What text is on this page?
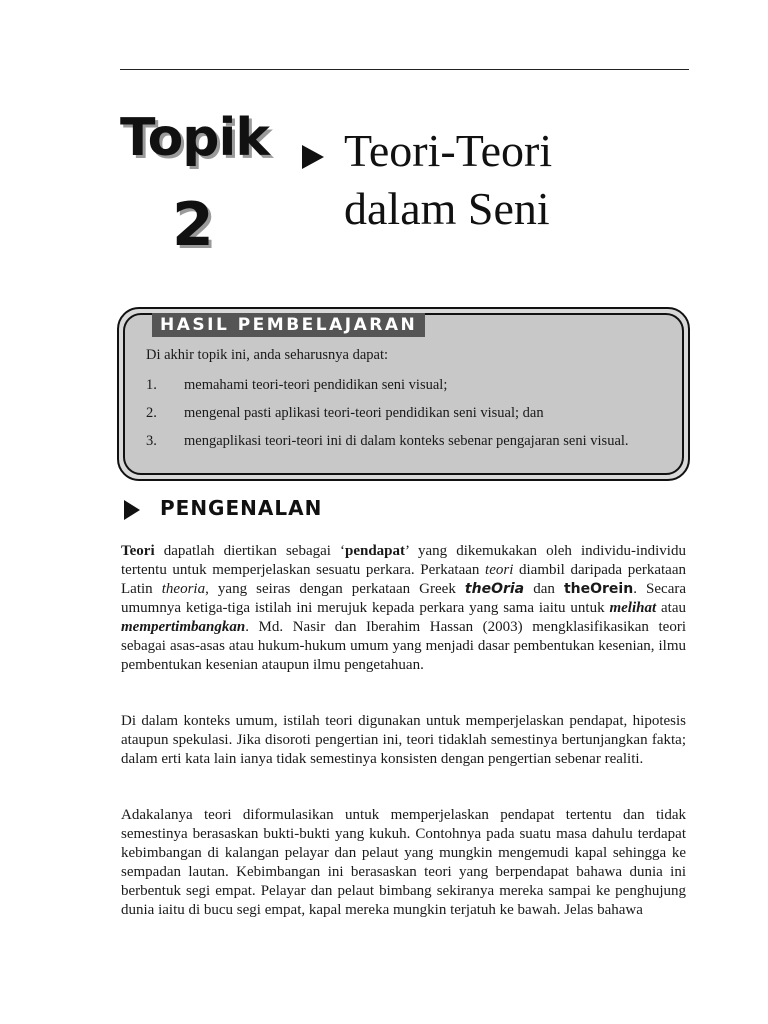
Topik
2
Teori-Teori
dalam Seni
HASIL PEMBELAJARAN
Di akhir topik ini, anda seharusnya dapat:
1.	memahami teori-teori pendidikan seni visual;
2.	mengenal pasti aplikasi teori-teori pendidikan seni visual; dan
3.	mengaplikasi teori-teori ini di dalam konteks sebenar pengajaran seni visual.
PENGENALAN
Teori dapatlah diertikan sebagai ‘pendapat’ yang dikemukakan oleh individu-individu tertentu untuk memperjelaskan sesuatu perkara. Perkataan teori diambil daripada perkataan Latin theoria, yang seiras dengan perkataan Greek theOria dan theOrein. Secara umumnya ketiga-tiga istilah ini merujuk kepada perkara yang sama iaitu untuk melihat atau mempertimbangkan. Md. Nasir dan Iberahim Hassan (2003) mengklasifikasikan teori sebagai asas-asas atau hukum-hukum umum yang menjadi dasar pembentukan kesenian, ilmu pembentukan kesenian ataupun ilmu pengetahuan.
Di dalam konteks umum, istilah teori digunakan untuk memperjelaskan pendapat, hipotesis ataupun spekulasi. Jika disoroti pengertian ini, teori tidaklah semestinya bertunjangkan fakta; dalam erti kata lain ianya tidak semestinya konsisten dengan pengertian sebenar realiti.
Adakalanya teori diformulasikan untuk memperjelaskan pendapat tertentu dan tidak semestinya berasaskan bukti-bukti yang kukuh. Contohnya pada suatu masa dahulu terdapat kebimbangan di kalangan pelayar dan pelaut yang mungkin mengemudi kapal sehingga ke sempadan lautan. Kebimbangan ini berasaskan teori yang berpendapat bahawa dunia ini berbentuk segi empat. Pelayar dan pelaut bimbang sekiranya mereka sampai ke penghujung dunia iaitu di bucu segi empat, kapal mereka mungkin terjatuh ke bawah. Jelas bahawa
